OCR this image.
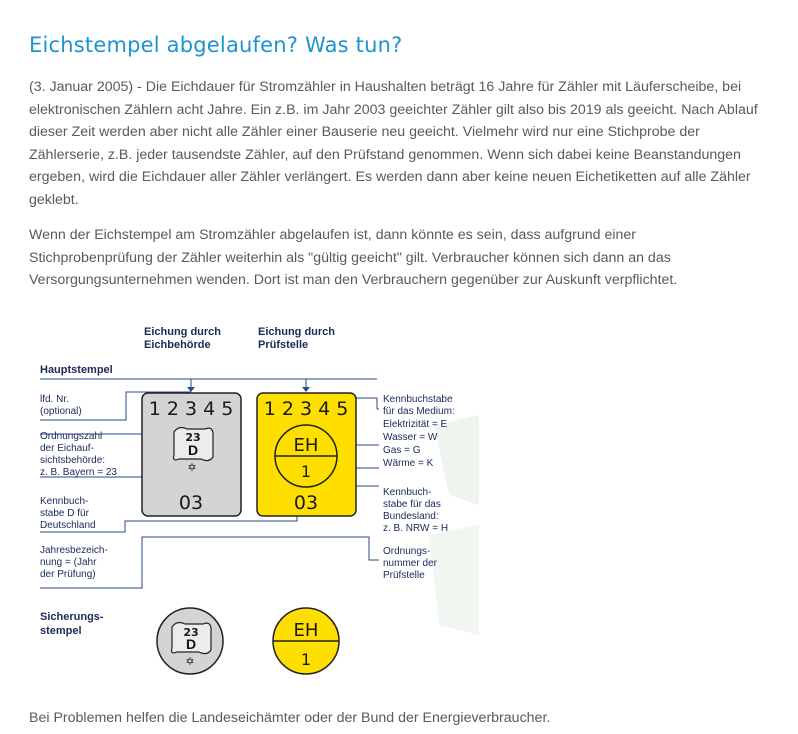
Eichstempel abgelaufen? Was tun?

(3. Januar 2005) - Die Eichdauer für Stromzähler in Haushalten beträgt 16 Jahre für Zähler mit Läuferscheibe, bei
elektronischen Zählern acht Jahre. Ein z.B. im Jahr 2003 geeichter Zähler gilt also bis 2019 als geeicht. Nach Ablauf
dieser Zeit werden aber nicht alle Zähler einer Bauserie neu geeicht. Vielmehr wird nur eine Stichprobe der
Zählerserie, z.B. jeder tausendste Zähler, auf den Prüfstand genommen. Wenn sich dabei keine Beanstandungen
ergeben, wird die Eichdauer aller Zähler verlängert. Es werden dann aber keine neuen Eichetiketten auf alle Zähler
geklebt.

Wenn der Eichstempel am Stromzähler abgelaufen ist, dann könnte es sein, dass aufgrund einer
Stichprobenprüfung der Zähler weiterhin als "gültig geeicht" gilt. Verbraucher können sich dann an das
Versorgungsunternehmen wenden. Dort ist man den Verbrauchern gegenüber zur Auskunft verpflichtet.

Eichung durch
Eichbehörde
Eichung durch
Prüfstelle
Hauptstempel
lfd. Nr.
(optional)
Ordnungszahl
der Eichauf-
sichtsbehörde:
z. B. Bayern = 23
Kennbuch-
stabe D für
Deutschland
Jahresbezeich-
nung = (Jahr
der Prüfung)
Kennbuchstabe
für das Medium:
Elektrizität = E
Wasser = W
Gas = G
Wärme = K
Kennbuch-
stabe für das
Bundesland:
z. B. NRW = H
Ordnungs-
nummer der
Prüfstelle
1 2 3 4 5
23
D
✡
03
1 2 3 4 5
EH
1
03
Sicherungs-
stempel	23
D
✡
EH
1

Bei Problemen helfen die Landeseichämter oder der Bund der Energieverbraucher.
